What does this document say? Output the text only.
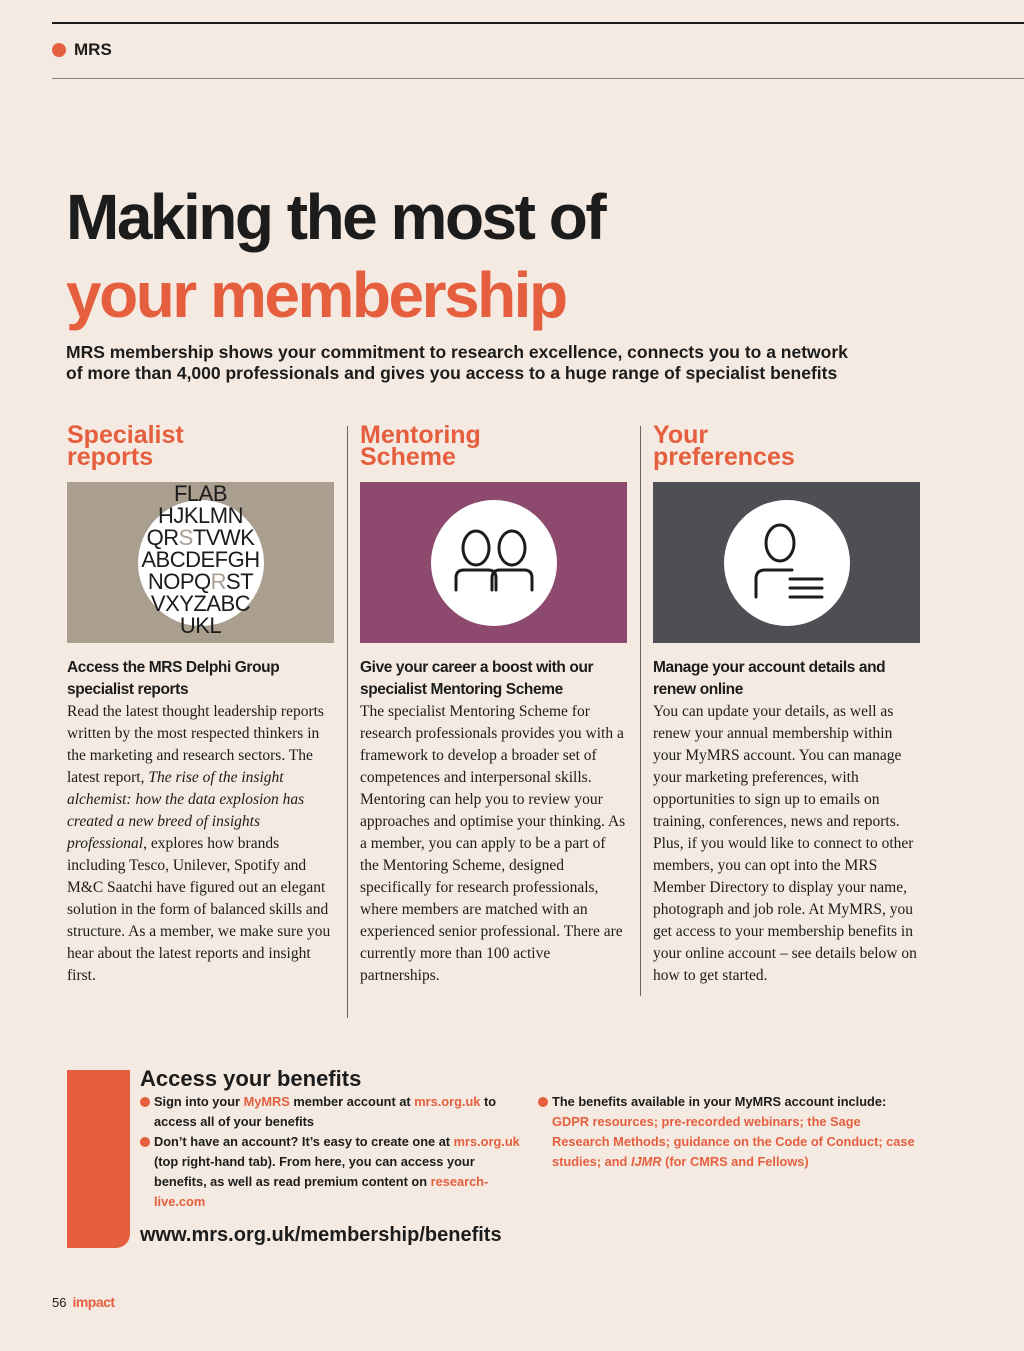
MRS
Making the most of
your membership
MRS membership shows your commitment to research excellence, connects you to a network
of more than 4,000 professionals and gives you access to a huge range of specialist benefits
Specialist
reports
FLAB
HJKLMN
QRSTVWK
ABCDEFGH
NOPQRST
VXYZABC
UKL
Access the MRS Delphi Group specialist reports

Read the latest thought leadership reports written by the most respected thinkers in the marketing and research sectors. The latest report, The rise of the insight alchemist: how the data explosion has created a new breed of insights professional, explores how brands including Tesco, Unilever, Spotify and M&C Saatchi have figured out an elegant solution in the form of balanced skills and structure. As a member, we make sure you hear about the latest reports and insight first.

Mentoring
Scheme
Give your career a boost with our specialist Mentoring Scheme

The specialist Mentoring Scheme for research professionals provides you with a framework to develop a broader set of competences and interpersonal skills. Mentoring can help you to review your approaches and optimise your thinking. As a member, you can apply to be a part of the Mentoring Scheme, designed specifically for research professionals, where members are matched with an experienced senior professional. There are currently more than 100 active partnerships.

Your
preferences
Manage your account details and renew online

You can update your details, as well as renew your annual membership within your MyMRS account. You can manage your marketing preferences, with opportunities to sign up to emails on training, conferences, news and reports. Plus, if you would like to connect to other members, you can opt into the MRS Member Directory to display your name, photograph and job role. At MyMRS, you get access to your membership benefits in your online account – see details below on how to get started.

Access your benefits
Sign into your MyMRS member account at mrs.org.uk to access all of your benefits
Don’t have an account? It’s easy to create one at mrs.org.uk (top right-hand tab). From here, you can access your benefits, as well as read premium content on research-live.com
The benefits available in your MyMRS account include: GDPR resources; pre-recorded webinars; the Sage Research Methods; guidance on the Code of Conduct; case studies; and IJMR (for CMRS and Fellows)
www.mrs.org.uk/membership/benefits
56 impact
